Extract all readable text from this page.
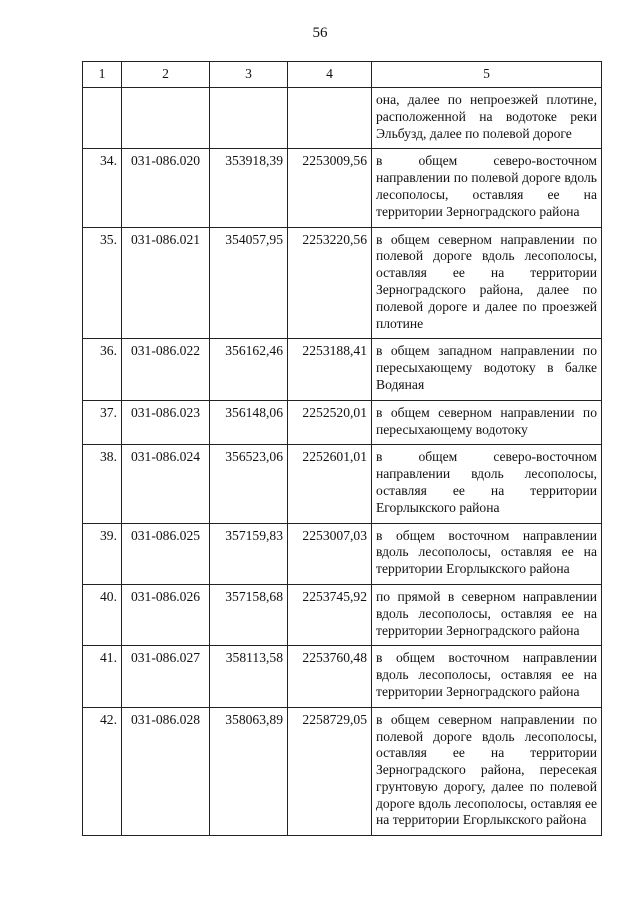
56
1	2	3	4	5
				она, далее по непроезжей плотине, расположенной на водотоке реки Эльбузд, далее по полевой дороге
34.	031-086.020	353918,39	2253009,56	в общем северо-восточном направлении по полевой дороге вдоль лесополосы, оставляя ее на территории Зерноградского района
35.	031-086.021	354057,95	2253220,56	в общем северном направлении по полевой дороге вдоль лесополосы, оставляя ее на территории Зерноградского района, далее по полевой дороге и далее по проезжей плотине
36.	031-086.022	356162,46	2253188,41	в общем западном направлении по пересыхающему водотоку в балке Водяная
37.	031-086.023	356148,06	2252520,01	в общем северном направлении по пересыхающему водотоку
38.	031-086.024	356523,06	2252601,01	в общем северо-восточном направлении вдоль лесополосы, оставляя ее на территории Егорлыкского района
39.	031-086.025	357159,83	2253007,03	в общем восточном направлении вдоль лесополосы, оставляя ее на территории Егорлыкского района
40.	031-086.026	357158,68	2253745,92	по прямой в северном направлении вдоль лесополосы, оставляя ее на территории Зерноградского района
41.	031-086.027	358113,58	2253760,48	в общем восточном направлении вдоль лесополосы, оставляя ее на территории Зерноградского района
42.	031-086.028	358063,89	2258729,05	в общем северном направлении по полевой дороге вдоль лесополосы, оставляя ее на территории Зерноградского района, пересекая грунтовую дорогу, далее по полевой дороге вдоль лесополосы, оставляя ее на территории Егорлыкского района
